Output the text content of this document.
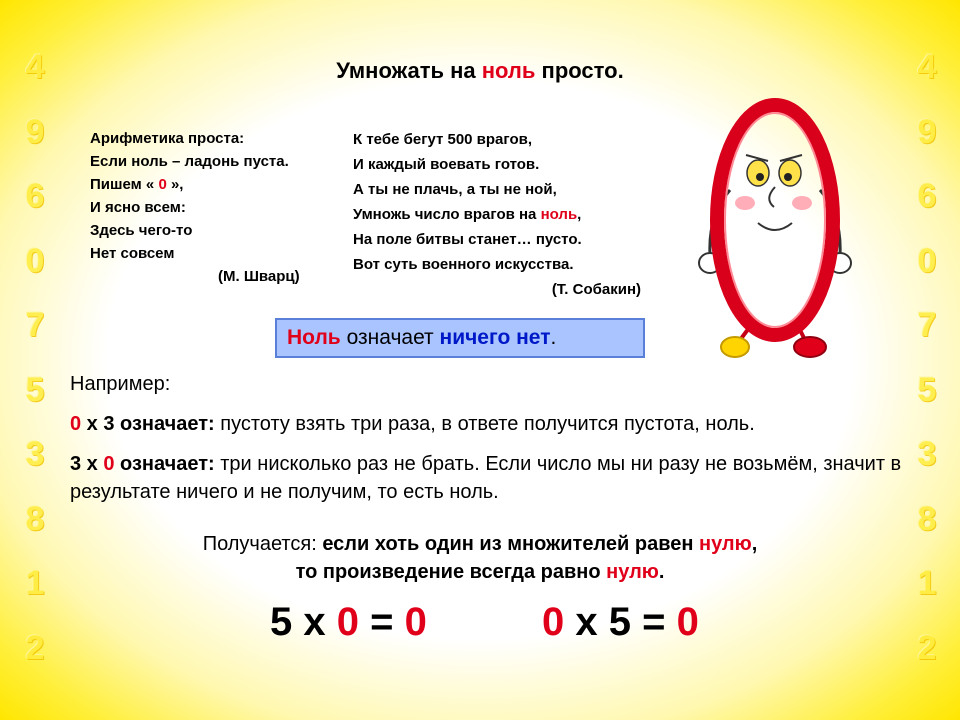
4
9
6
0
7
5
3
8
1
2
4
9
6
0
7
5
3
8
1
2
Умножать на ноль просто.
Арифметика проста:
Если ноль – ладонь пуста.
Пишем « 0 »,
И ясно всем:
Здесь чего-то
Нет совсем
(М. Шварц)
К тебе бегут 500 врагов,
И каждый воевать готов.
А ты не плачь, а ты не ной,
Умножь число врагов на ноль,
На поле битвы станет… пусто.
Вот суть военного искусства.
(Т. Собакин)
Ноль означает ничего нет.

Например:

0 х 3 означает: пустоту взять три раза, в ответе получится пустота, ноль.

3 х 0 означает: три нисколько раз не брать. Если число мы ни разу не возьмём, значит в результате ничего и не получим, то есть ноль.

Получается: если хоть один из множителей равен нулю,
то произведение всегда равно нулю.
5 х 0 = 0	0 х 5 = 0
